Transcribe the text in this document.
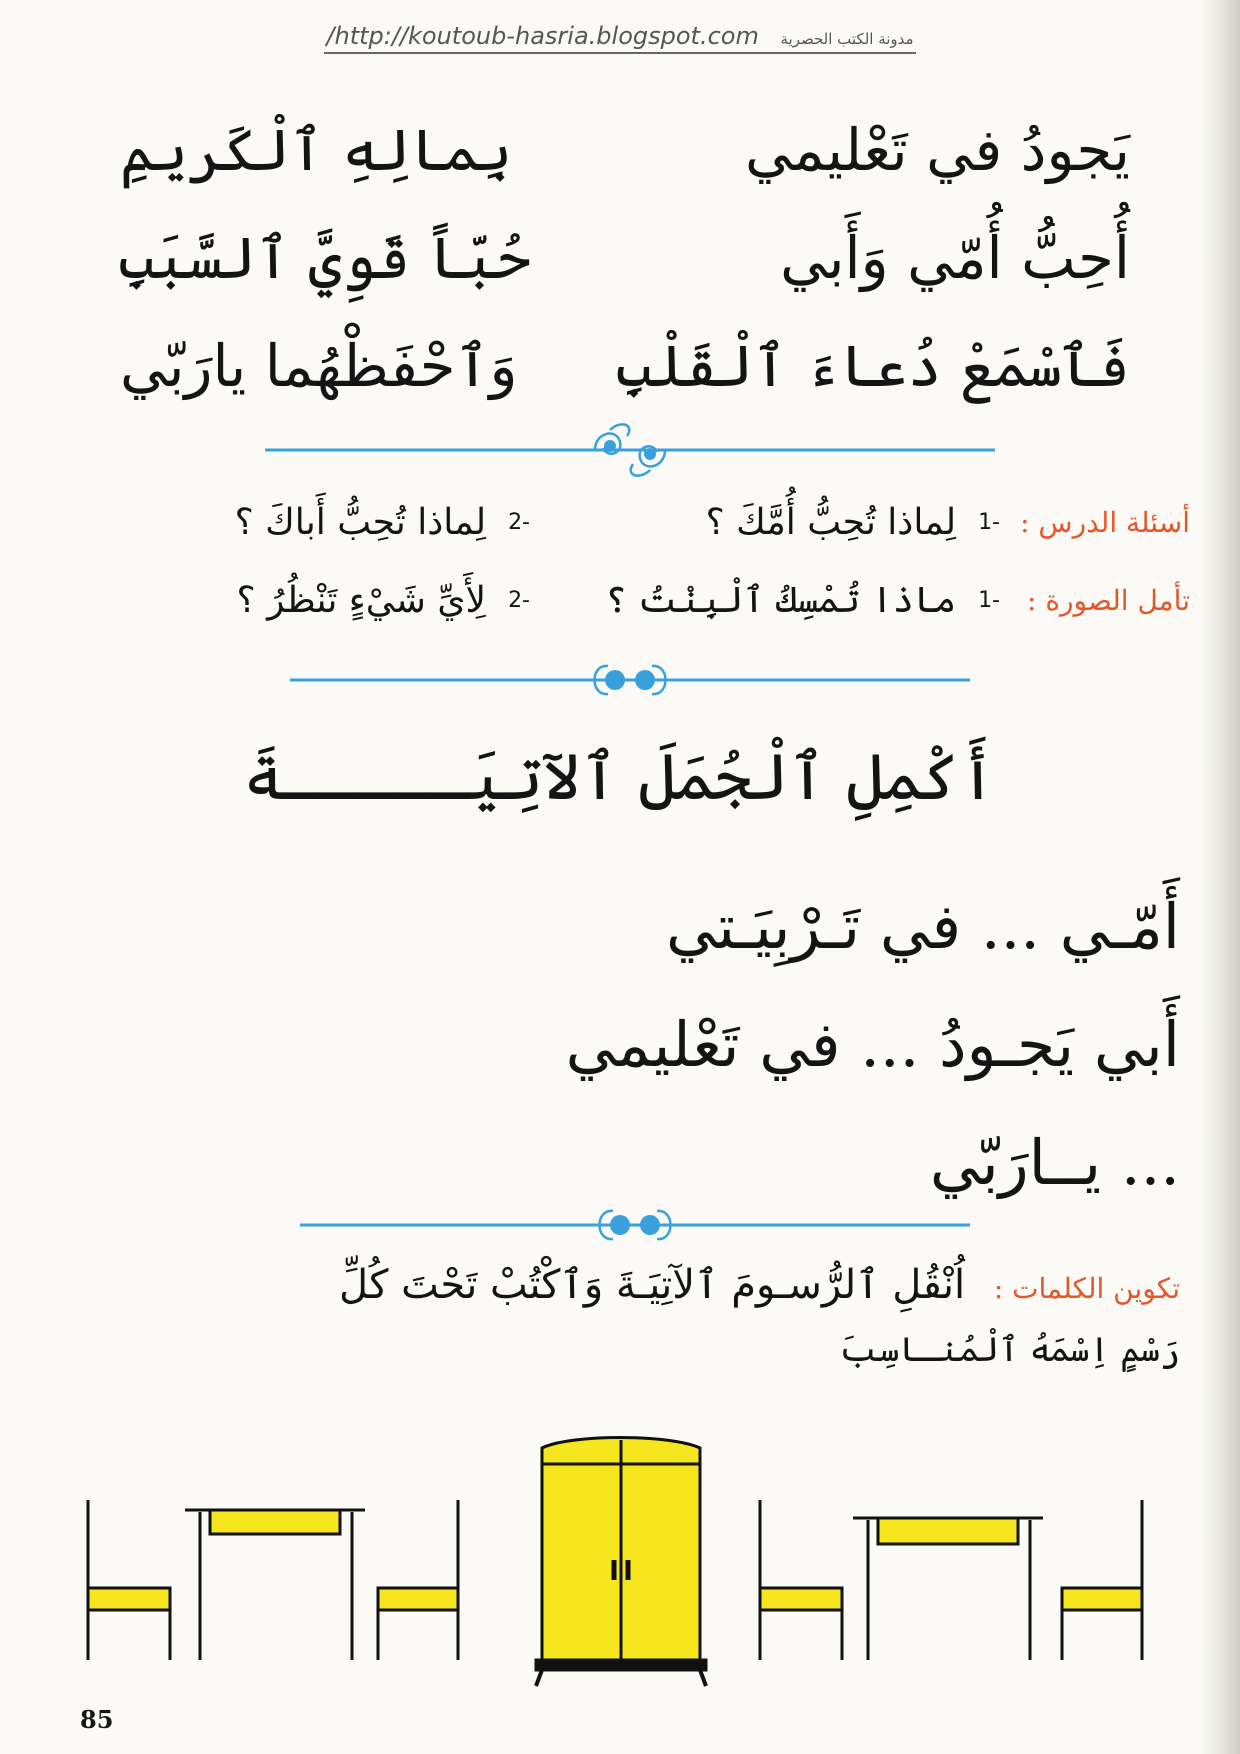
/http://koutoub-hasria.blogspot.com مدونة الكتب الحصرية
يَجودُ في تَعْليمي
بِمالِهِ ٱلْكَريمِ
أُحِبُّ أُمّي وَأَبي
حُبّاً قَوِيَّ ٱلسَّبَبِ
فَٱسْمَعْ دُعاءَ ٱلْقَلْبِ
وَٱحْفَظْهُما يارَبّي
أسئلة الدرس :
1-
لِماذا تُحِبُّ أُمَّكَ ؟
2-
لِماذا تُحِبُّ أَباكَ ؟
تأمل الصورة :
1-
ماذا تُمْسِكُ ٱلْبِنْتُ ؟
2-
لِأَيِّ شَيْءٍ تَنْظُرُ ؟
أَكْمِلِ ٱلْجُمَلَ ٱلآتِيَـــــةَ
أَمّـي ... في تَـرْبِيَـتي
أَبي يَجـودُ ... في تَعْليمي
... يــارَبّي
تكوين الكلمات : اُنْقُلِ ٱلرُّسـومَ ٱلآتِيَـةَ وَٱكْتُبْ تَحْتَ كُلِّ
رَسْمٍ اِسْمَهُ ٱلْمُنـاسِبَ
85
